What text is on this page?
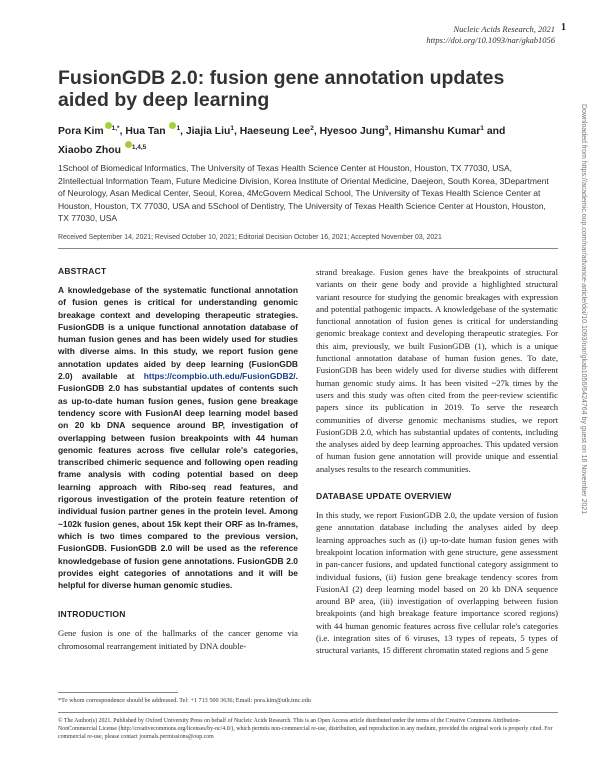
Nucleic Acids Research, 2021
https://doi.org/10.1093/nar/gkab1056
1
FusionGDB 2.0: fusion gene annotation updates aided by deep learning
Pora Kim $^{1,*}$, Hua Tan $^1$, Jiajia Liu$^1$, Haeseung Lee$^2$, Hyesoo Jung$^3$, Himanshu Kumar$^1$ and
Xiaobo Zhou $^{1,4,5}$
1School of Biomedical Informatics, The University of Texas Health Science Center at Houston, Houston, TX 77030, USA, 2Intellectual Information Team, Future Medicine Division, Korea Institute of Oriental Medicine, Daejeon, South Korea, 3Department of Neurology, Asan Medical Center, Seoul, Korea, 4McGovern Medical School, The University of Texas Health Science Center at Houston, Houston, TX 77030, USA and 5School of Dentistry, The University of Texas Health Science Center at Houston, Houston, TX 77030, USA
Received September 14, 2021; Revised October 10, 2021; Editorial Decision October 16, 2021; Accepted November 03, 2021
ABSTRACT

A knowledgebase of the systematic functional annotation of fusion genes is critical for understanding genomic breakage context and developing therapeutic strategies. FusionGDB is a unique functional annotation database of human fusion genes and has been widely used for studies with diverse aims. In this study, we report fusion gene annotation updates aided by deep learning (FusionGDB 2.0) available at https://compbio.uth.edu/FusionGDB2/. FusionGDB 2.0 has substantial updates of contents such as up-to-date human fusion genes, fusion gene breakage tendency score with FusionAI deep learning model based on 20 kb DNA sequence around BP, investigation of overlapping between fusion breakpoints with 44 human genomic features across five cellular role's categories, transcribed chimeric sequence and following open reading frame analysis with coding potential based on deep learning approach with Ribo-seq read features, and rigorous investigation of the protein feature retention of individual fusion partner genes in the protein level. Among ~102k fusion genes, about 15k kept their ORF as In-frames, which is two times compared to the previous version, FusionGDB. FusionGDB 2.0 will be used as the reference knowledgebase of fusion gene annotations. FusionGDB 2.0 provides eight categories of annotations and it will be helpful for diverse human genomic studies.

INTRODUCTION

Gene fusion is one of the hallmarks of the cancer genome via chromosomal rearrangement initiated by DNA double-

strand breakage. Fusion genes have the breakpoints of structural variants on their gene body and provide a highlighted structural variant resource for studying the genomic breakages with expression and potential pathogenic impacts. A knowledgebase of the systematic functional annotation of fusion genes is critical for understanding genomic breakage context and developing therapeutic strategies. For this aim, previously, we built FusionGDB (1), which is a unique functional annotation database of human fusion genes. To date, FusionGDB has been widely used for diverse studies with different human genomic study aims. It has been visited ~27k times by the users and this study was often cited from the peer-review scientific papers since its publication in 2019. To serve the research communities of diverse genomic mechanisms studies, we report FusionGDB 2.0, which has substantial updates of contents, including the analyses aided by deep learning approaches. This updated version of human fusion gene annotation will provide unique and essential analyses results to the research communities.

DATABASE UPDATE OVERVIEW

In this study, we report FusionGDB 2.0, the update version of fusion gene annotation database including the analyses aided by deep learning approaches such as (i) up-to-date human fusion genes with breakpoint location information with gene structure, gene assessment in pan-cancer fusions, and updated functional category assignment to individual fusions, (ii) fusion gene breakage tendency scores from FusionAI (2) deep learning model based on 20 kb DNA sequence around BP area, (iii) investigation of overlapping between fusion breakpoints (and high breakage feature importance scored regions) with 44 human genomic features across five cellular role's categories (i.e. integration sites of 6 viruses, 13 types of repeats, 5 types of structural variants, 15 different chromatin stated regions and 5 gene

*To whom correspondence should be addressed. Tel: +1 713 500 3636; Email: pora.kim@uth.tmc.edu
© The Author(s) 2021. Published by Oxford University Press on behalf of Nucleic Acids Research. This is an Open Access article distributed under the terms of the Creative Commons Attribution-NonCommercial License (http://creativecommons.org/licenses/by-nc/4.0/), which permits non-commercial re-use, distribution, and reproduction in any medium, provided the original work is properly cited. For commercial re-use, please contact journals.permissions@oup.com
Downloaded from https://academic.oup.com/nar/advance-article/doi/10.1093/nar/gkab1056/6424764 by guest on 16 November 2021
